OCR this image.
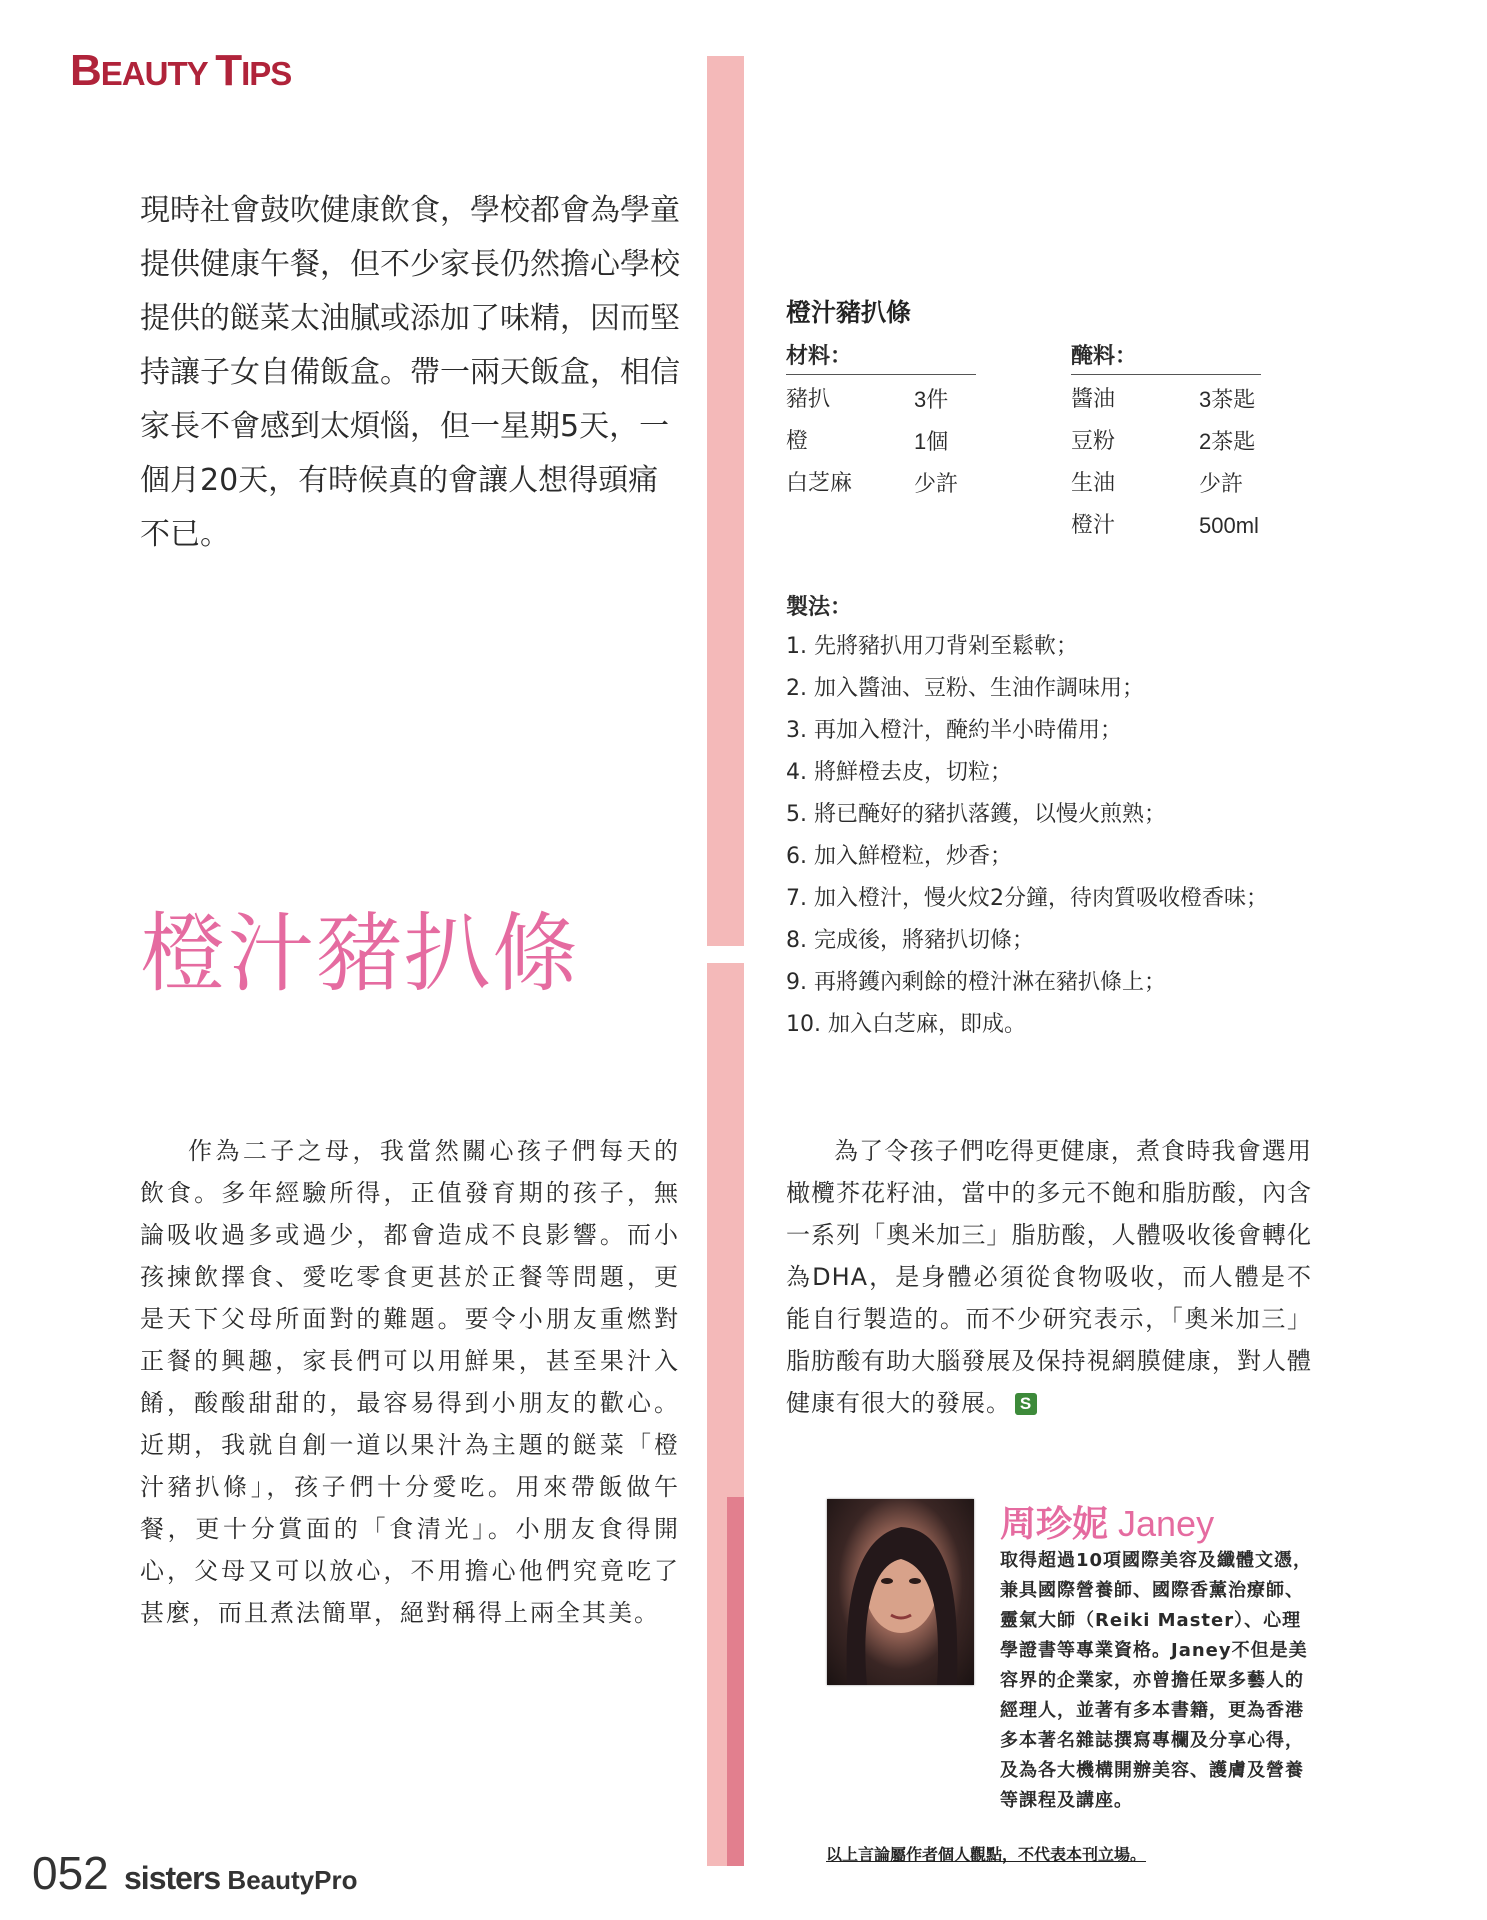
BEAUTY TIPS
現時社會鼓吹健康飲食，學校都會為學童提供健康午餐，但不少家長仍然擔心學校提供的餸菜太油膩或添加了味精，因而堅持讓子女自備飯盒。帶一兩天飯盒，相信家長不會感到太煩惱，但一星期5天，一個月20天，有時候真的會讓人想得頭痛不已。
橙汁豬扒條

作為二子之母，我當然關心孩子們每天的飲食。多年經驗所得，正值發育期的孩子，無論吸收過多或過少，都會造成不良影響。而小孩揀飲擇食、愛吃零食更甚於正餐等問題，更是天下父母所面對的難題。要令小朋友重燃對正餐的興趣，家長們可以用鮮果，甚至果汁入餚，酸酸甜甜的，最容易得到小朋友的歡心。近期，我就自創一道以果汁為主題的餸菜「橙汁豬扒條」，孩子們十分愛吃。用來帶飯做午餐，更十分賞面的「食清光」。小朋友食得開心，父母又可以放心，不用擔心他們究竟吃了甚麼，而且煮法簡單，絕對稱得上兩全其美。

橙汁豬扒條
材料：
豬扒	3件
橙	1個
白芝麻	少許
醃料：
醬油	3茶匙
豆粉	2茶匙
生油	少許
橙汁	500ml
製法：
1. 先將豬扒用刀背剁至鬆軟；
2. 加入醬油、豆粉、生油作調味用；
3. 再加入橙汁，醃約半小時備用；
4. 將鮮橙去皮，切粒；
5. 將已醃好的豬扒落鑊，以慢火煎熟；
6. 加入鮮橙粒，炒香；
7. 加入橙汁，慢火炆2分鐘，待肉質吸收橙香味；
8. 完成後，將豬扒切條；
9. 再將鑊內剩餘的橙汁淋在豬扒條上；
10. 加入白芝麻，即成。

為了令孩子們吃得更健康，煮食時我會選用橄欖芥花籽油，當中的多元不飽和脂肪酸，內含一系列「奧米加三」脂肪酸，人體吸收後會轉化為DHA，是身體必須從食物吸收，而人體是不能自行製造的。而不少研究表示，「奧米加三」脂肪酸有助大腦發展及保持視網膜健康，對人體健康有很大的發展。 S

周珍妮 Janey
取得超過10項國際美容及纖體文憑，兼具國際營養師、國際香薰治療師、靈氣大師（Reiki Master）、心理學證書等專業資格。Janey不但是美容界的企業家，亦曾擔任眾多藝人的經理人，並著有多本書籍，更為香港多本著名雜誌撰寫專欄及分享心得，及為各大機構開辦美容、護膚及營養等課程及講座。
以上言論屬作者個人觀點，不代表本刊立場。
052 sisters BeautyPro
